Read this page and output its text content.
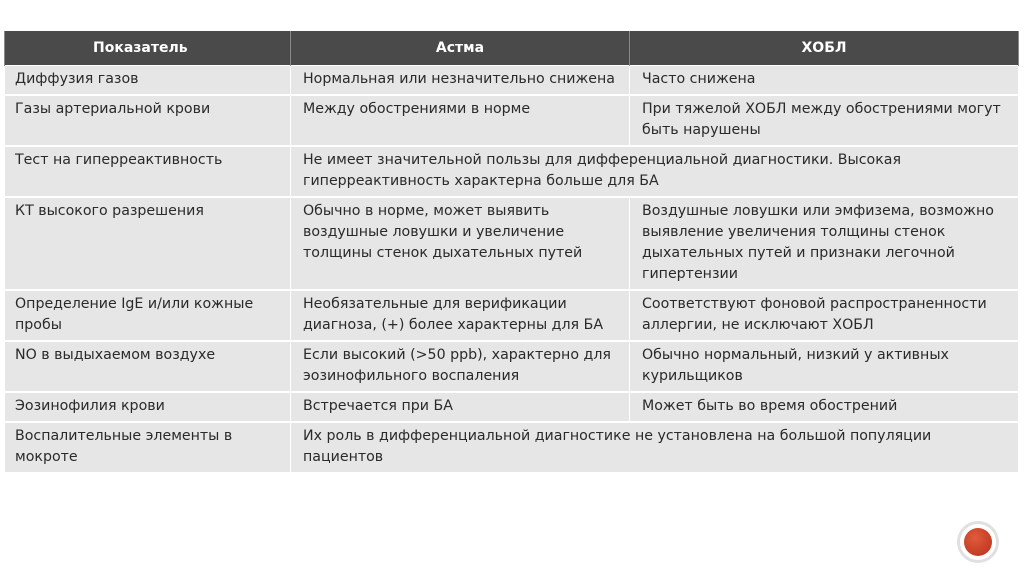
Показатель	Астма	ХОБЛ
Диффузия газов	Нормальная или незначительно снижена	Часто снижена
Газы артериальной крови	Между обострениями в норме	При тяжелой ХОБЛ между обострениями могут быть нарушены
Тест на гиперреактивность	Не имеет значительной пользы для дифференциальной диагностики. Высокая гиперреактивность характерна больше для БА	
КТ высокого разрешения	Обычно в норме, может выявить воздушные ловушки и увеличение толщины стенок дыхательных путей	Воздушные ловушки или эмфизема, возможно выявление увеличения толщины стенок дыхательных путей и признаки легочной гипертензии
Определение IgE и/или кожные пробы	Необязательные для верификации диагноза, (+) более характерны для БА	Соответствуют фоновой распространенности аллергии, не исключают ХОБЛ
NO в выдыхаемом воздухе	Если высокий (>50 ppb), характерно для эозинофильного воспаления	Обычно нормальный, низкий у активных курильщиков
Эозинофилия крови	Встречается при БА	Может быть во время обострений
Воспалительные элементы в мокроте	Их роль в дифференциальной диагностике не установлена на большой популяции пациентов	
